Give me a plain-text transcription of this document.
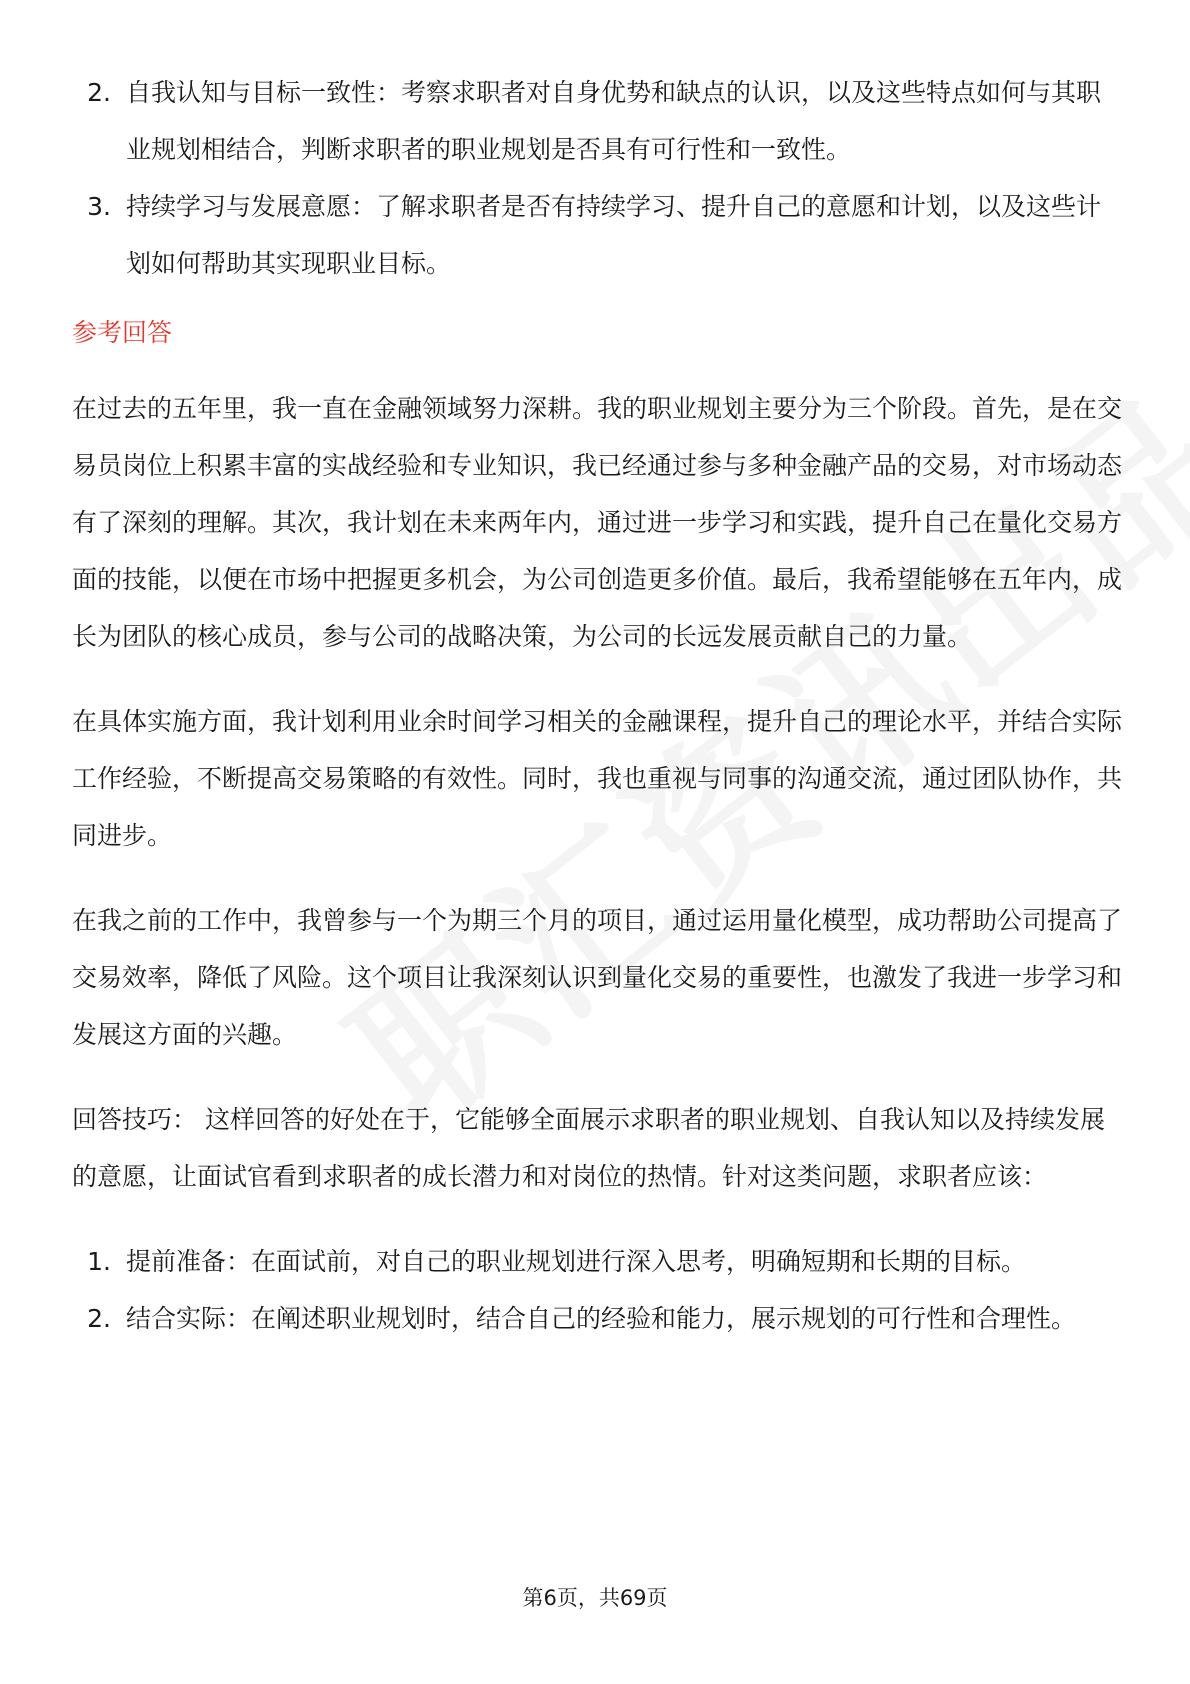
2. 自我认知与目标一致性：考察求职者对自身优势和缺点的认识，以及这些特点如何与其职业规划相结合，判断求职者的职业规划是否具有可行性和一致性。
3. 持续学习与发展意愿：了解求职者是否有持续学习、提升自己的意愿和计划，以及这些计划如何帮助其实现职业目标。
参考回答

在过去的五年里，我一直在金融领域努力深耕。我的职业规划主要分为三个阶段。首先，是在交易员岗位上积累丰富的实战经验和专业知识，我已经通过参与多种金融产品的交易，对市场动态有了深刻的理解。其次，我计划在未来两年内，通过进一步学习和实践，提升自己在量化交易方面的技能，以便在市场中把握更多机会，为公司创造更多价值。最后，我希望能够在五年内，成长为团队的核心成员，参与公司的战略决策，为公司的长远发展贡献自己的力量。

在具体实施方面，我计划利用业余时间学习相关的金融课程，提升自己的理论水平，并结合实际工作经验，不断提高交易策略的有效性。同时，我也重视与同事的沟通交流，通过团队协作，共同进步。

在我之前的工作中，我曾参与一个为期三个月的项目，通过运用量化模型，成功帮助公司提高了交易效率，降低了风险。这个项目让我深刻认识到量化交易的重要性，也激发了我进一步学习和发展这方面的兴趣。

回答技巧： 这样回答的好处在于，它能够全面展示求职者的职业规划、自我认知以及持续发展的意愿，让面试官看到求职者的成长潜力和对岗位的热情。针对这类问题，求职者应该：

1. 提前准备：在面试前，对自己的职业规划进行深入思考，明确短期和长期的目标。
2. 结合实际：在阐述职业规划时，结合自己的经验和能力，展示规划的可行性和合理性。
第6页，共69页
